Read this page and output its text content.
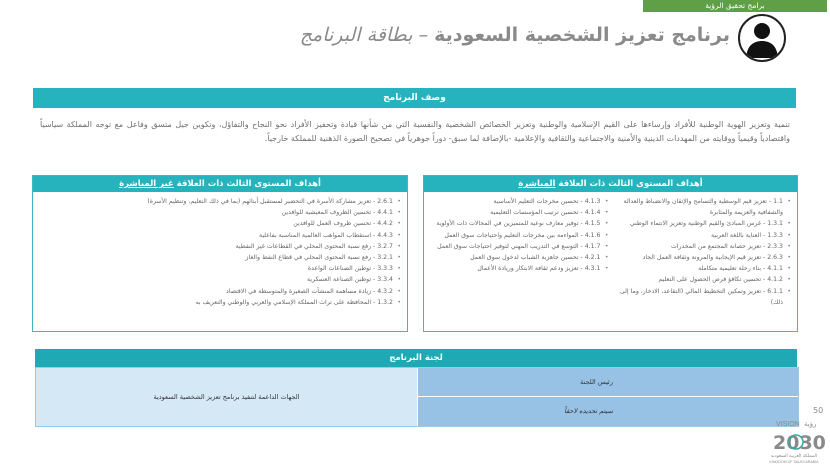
برامج تحقيق الرؤية
برنامج تعزيز الشخصية السعودية – بطاقة البرنامج
وصف البرنامج
تنمية وتعزيز الهوية الوطنية للأفراد وإرساءها على القيم الإسلامية والوطنية وتعزيز الخصائص الشخصية والنفسية التي من شأنها قيادة وتحفيز الأفراد نحو النجاح والتفاؤل، وتكوين جيل متسق وفاعل مع توجه المملكة سياسياً واقتصادياً وقيمياً ووقايته من المهددات الدينية والأمنية والاجتماعية والثقافية والإعلامية -بالإضافة لما سبق- دوراً جوهرياً في تصحيح الصورة الذهنية للمملكة خارجياً.
أهداف المستوى الثالث ذات العلاقة المباشرة
• 1.1 - تعزيز قيم الوسطية والتسامح والإتقان والانضباط والعدالة والشفافية والعزيمة والمثابرة
• 1.3.1 - غرس المبادئ والقيم الوطنية وتعزيز الانتماء الوطني
• 1.3.3 - العناية باللغة العربية
• 2.3.3 - تعزيز حصانة المجتمع من المخدرات
• 2.6.3 - تعزيز قيم الإيجابية والمرونة وثقافة العمل الجاد
• 4.1.1 - بناء رحلة تعليمية متكاملة
• 4.1.2 - تحسين تكافؤ فرص الحصول على التعليم
• 6.1.1 - تعزيز وتمكين التخطيط المالي (التقاعد، الادخار، وما إلى ذلك)
• 4.1.3 - تحسين مخرجات التعليم الأساسية
• 4.1.4 - تحسين ترتيب المؤسسات التعليمية
• 4.1.5 - توفير معارف نوعية للمتميزين في المجالات ذات الأولوية
• 4.1.6 - المواءمة بين مخرجات التعليم واحتياجات سوق العمل
• 4.1.7 - التوسع في التدريب المهني لتوفير احتياجات سوق العمل
• 4.2.1 - تحسين جاهزية الشباب لدخول سوق العمل
• 4.3.1 - تعزيز ودعم ثقافة الابتكار وريادة الأعمال
أهداف المستوى الثالث ذات العلاقة غير المباشرة
• 2.6.1 - تعزيز مشاركة الأسرة في التحضير لمستقبل أبنائهم (بما في ذلك التعليم، وتنظيم الأسرة)
• 4.4.1 - تحسين الظروف المعيشية للوافدين
• 4.4.2 - تحسين ظروف العمل للوافدين
• 4.4.3 - استقطاب المواهب العالمية المناسبة بفاعلية
• 3.2.7 - رفع نسبة المحتوى المحلي في القطاعات غير النفطية
• 3.2.1 - رفع نسبة المحتوى المحلي في قطاع النفط والغاز
• 3.3.3 - توطين الصناعات الواعدة
• 3.3.4 - توطين الصناعة العسكرية
• 4.3.2 - زيادة مساهمة المنشآت الصغيرة والمتوسطة في الاقتصاد
• 1.3.2 - المحافظة على تراث المملكة الإسلامي والعربي والوطني والتعريف به
لجنة البرنامج
الجهات الداعمة لتنفيذ برنامج تعزيز الشخصية السعودية
رئيس اللجنة
سيتم تحديده لاحقاً	50
VISION رؤية
2030
المملكة العربية السعودية
KINGDOM OF SAUDI ARABIA
